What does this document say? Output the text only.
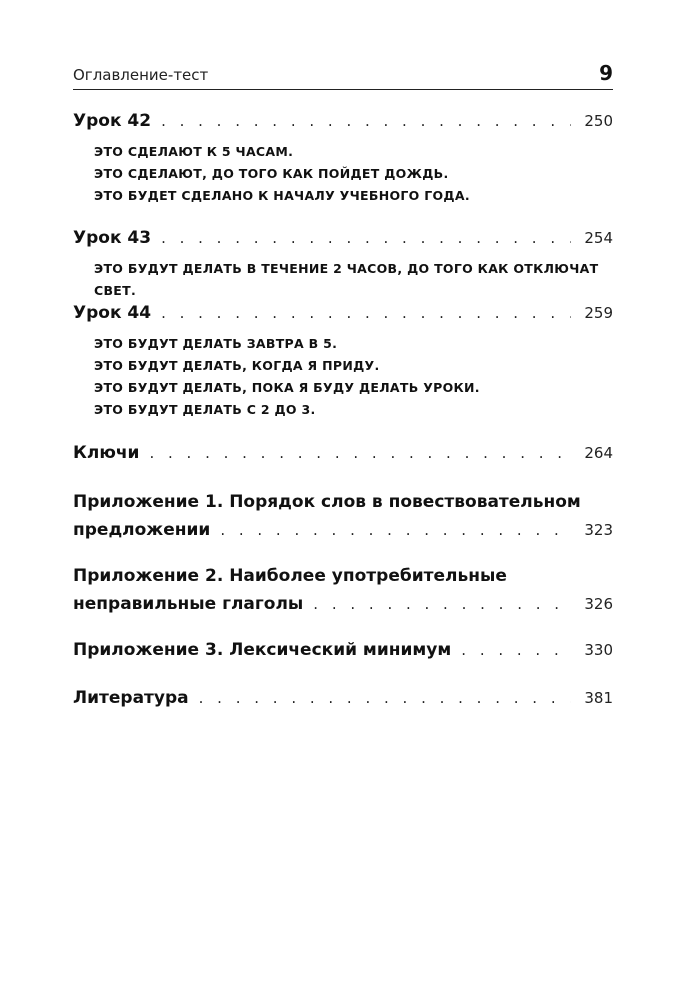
Оглавление-тест	9
Урок 42 . . .	250
ЭТО СДЕЛАЮТ К 5 ЧАСАМ.
ЭТО СДЕЛАЮТ, ДО ТОГО КАК ПОЙДЕТ ДОЖДЬ.
ЭТО БУДЕТ СДЕЛАНО К НАЧАЛУ УЧЕБНОГО ГОДА.
Урок 43 . . .	254
ЭТО БУДУТ ДЕЛАТЬ В ТЕЧЕНИЕ 2 ЧАСОВ, ДО ТОГО КАК ОТКЛЮЧАТ СВЕТ.
Урок 44 . . .	259
ЭТО БУДУТ ДЕЛАТЬ ЗАВТРА В 5.
ЭТО БУДУТ ДЕЛАТЬ, КОГДА Я ПРИДУ.
ЭТО БУДУТ ДЕЛАТЬ, ПОКА Я БУДУ ДЕЛАТЬ УРОКИ.
ЭТО БУДУТ ДЕЛАТЬ С 2 ДО 3.
Ключи . . .	264
Приложение 1. Порядок слов в повествовательном
предложении . . .	323
Приложение 2. Наиболее употребительные
неправильные глаголы . . .	326
Приложение 3. Лексический минимум . . .	330
Литература . . .	381
